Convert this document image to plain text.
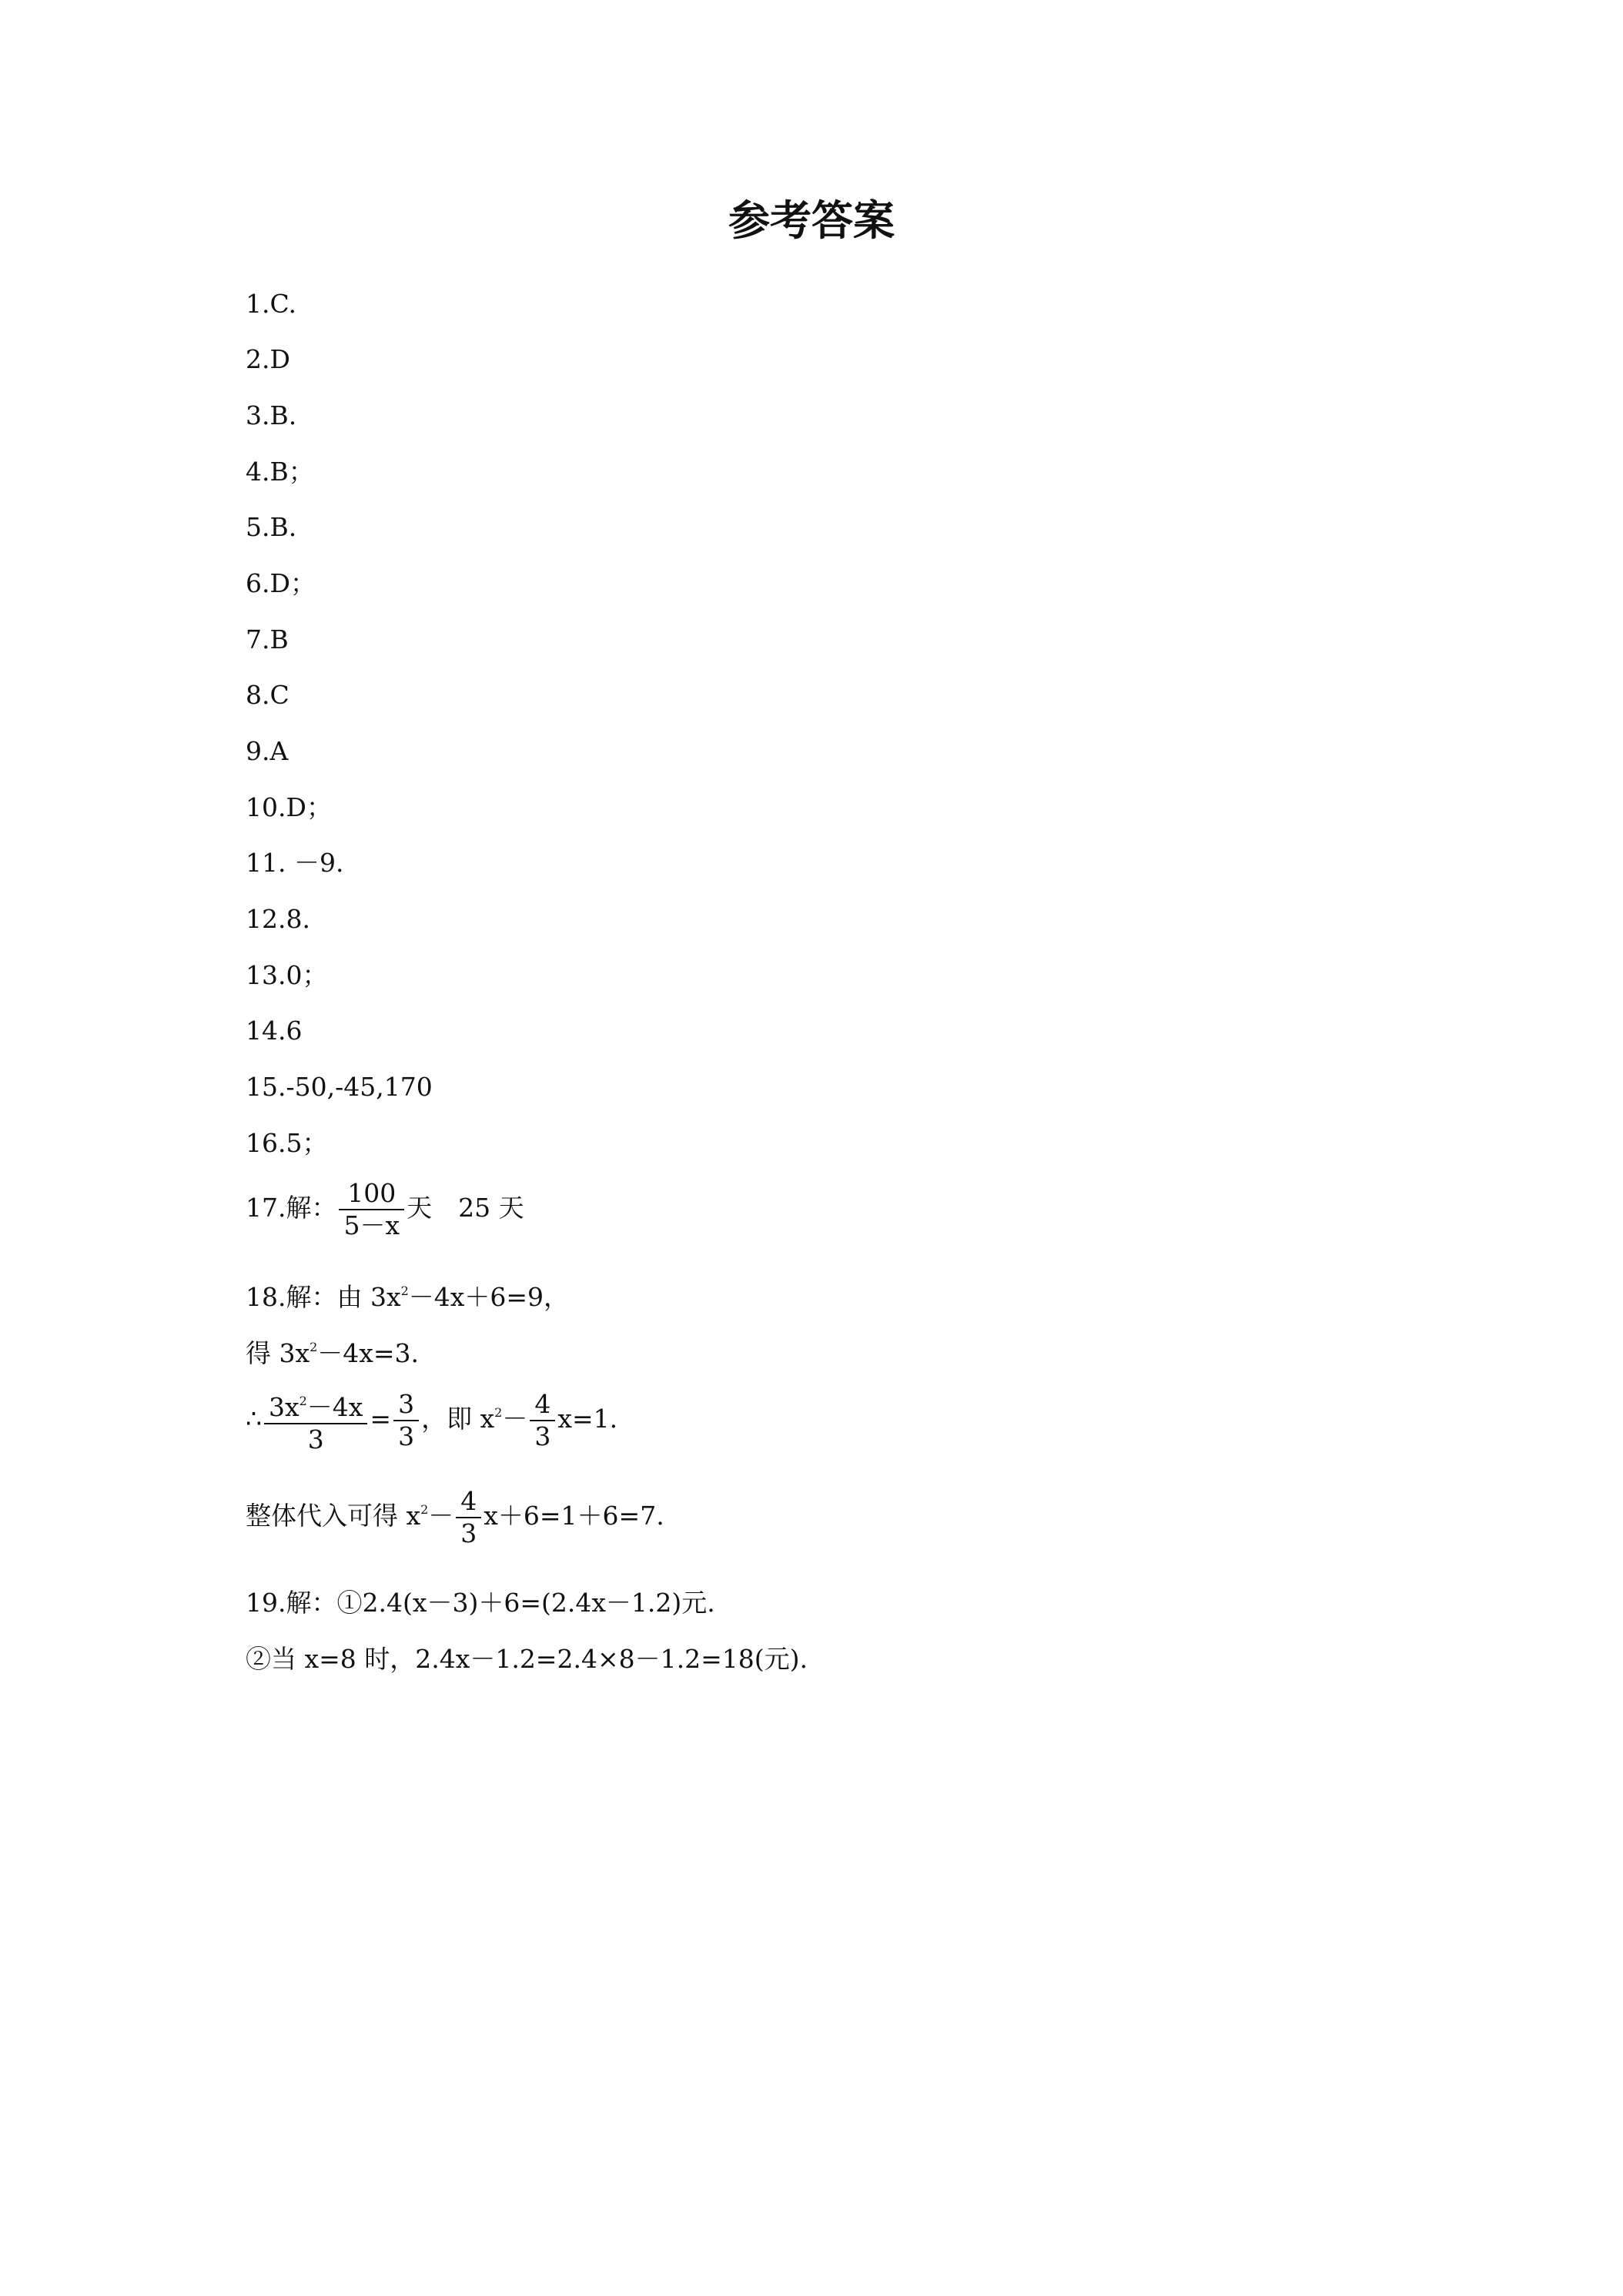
参考答案
1.C.
2.D
3.B.
4.B；
5.B.
6.D；
7.B
8.C
9.A
10.D；
11. －9.
12.8.
13.0；
14.6
15.-50,-45,170
16.5；
17.解： $\frac{100}{5-x}$ 天 25 天
18.解：由 $3x^2-4x+6=9$，
得 $3x^2-4x=3$.
∴ $\frac{3x^2-4x}{3} = \frac{3}{3}$ ，即 $x^2- \frac{4}{3} x=1$.
整体代入可得 $x^2- \frac{4}{3} x+6=1+6=7$.
19.解：①2.4(x－3)＋6=(2.4x－1.2)元.
②当 x=8 时，2.4x－1.2=2.4×8－1.2=18(元).
